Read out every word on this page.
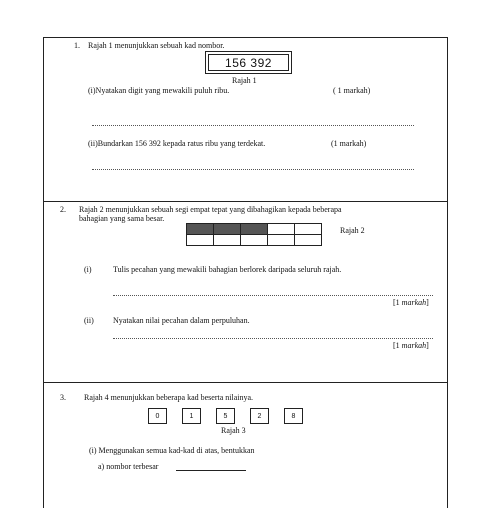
1. Rajah 1 menunjukkan sebuah kad nombor.
156 392
Rajah 1
(i)Nyatakan digit yang mewakili puluh ribu.	( 1 markah)
(ii)Bundarkan 156 392 kepada ratus ribu yang terdekat.	(1 markah)
2. Rajah 2 menunjukkan sebuah segi empat tepat yang dibahagikan kepada beberapa
bahagian yang sama besar.
Rajah 2
(i)	Tulis pecahan yang mewakili bahagian berlorek daripada seluruh rajah.
[1 markah]
(ii) Nyatakan nilai pecahan dalam perpuluhan.
[1 markah]
3. Rajah 4 menunjukkan beberapa kad beserta nilainya.
0	1	5	2	8
Rajah 3
(i) Menggunakan semua kad-kad di atas, bentukkan
a) nombor terbesar
